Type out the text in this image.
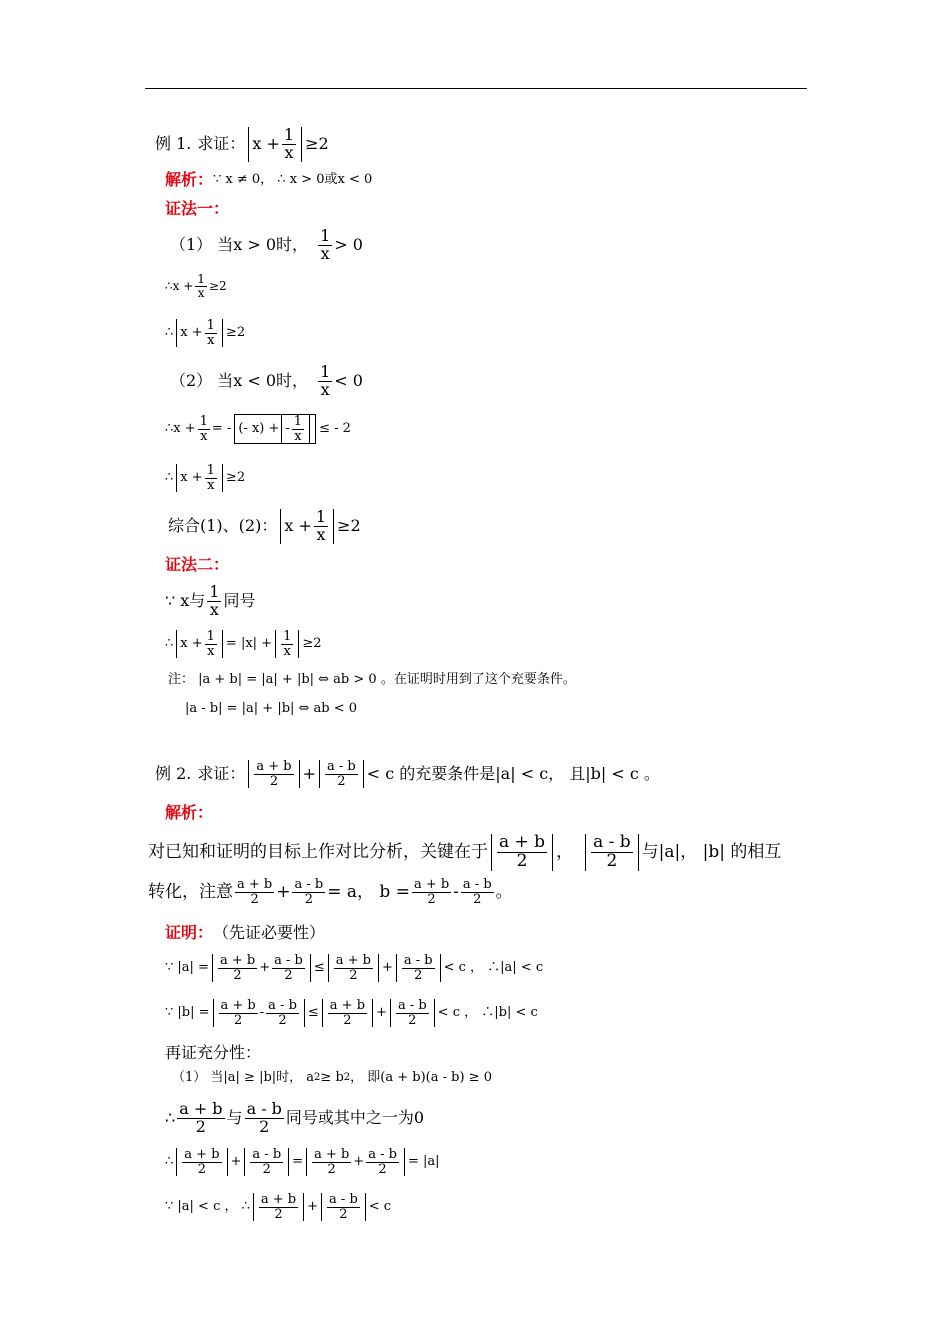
例 1. 求证： x + 1
x ≥2
解析： ∵ x ≠ 0， ∴ x > 0或x < 0
证法一：
（1） 当x > 0时， 1
x > 0
∴x +
1
x ≥2
∴ x + 1
x ≥2
（2） 当x < 0时， 1
x < 0
∴x + 1
x = - (- x) + - 1
x ≤ - 2
∴ x + 1
x ≥2
综合(1)、(2)： x + 1
x ≥2
证法二：
∵ x与 1
x 同号
∴ x + 1
x = |x| + 1
x ≥2
注： |a + b| = |a| + |b| ⇔ ab > 0 。在证明时用到了这个充要条件。
|a - b| = |a| + |b| ⇔ ab < 0
例 2. 求证： a + b
2 + a - b
2 < c 的充要条件是|a| < c， 且|b| < c 。
解析：
对已知和证明的目标上作对比分析，关键在于
a + b
2 ，
a - b
2 与|a|， |b| 的相互
转化，注意 a + b
$2 + \frac{a - b}{2} = a$， $b = \frac{a + b}{2} - a - b$
2 。
证明： （先证必要性）
∵ |a| = a + b
2 + a - b
2 ≤ a + b
2 + a - b
2 < c ， ∴|a| < c
∵ |b| = a + b
2 - a - b
2 ≤ a + b
2 + a - b
2 < c ， ∴|b| < c
再证充分性：
（1） 当|a| ≥ |b|时， a 2 ≥ b 2 ， 即(a + b)(a - b) ≥ 0
∴ a + b
2 与 a - b
2 同号或其中之一为0
∴ a + b
2 + a - b
2 = a + b
2 + a - b
2 = |a|
∵ |a| < c ， ∴ a + b
2 + a - b
2 < c
